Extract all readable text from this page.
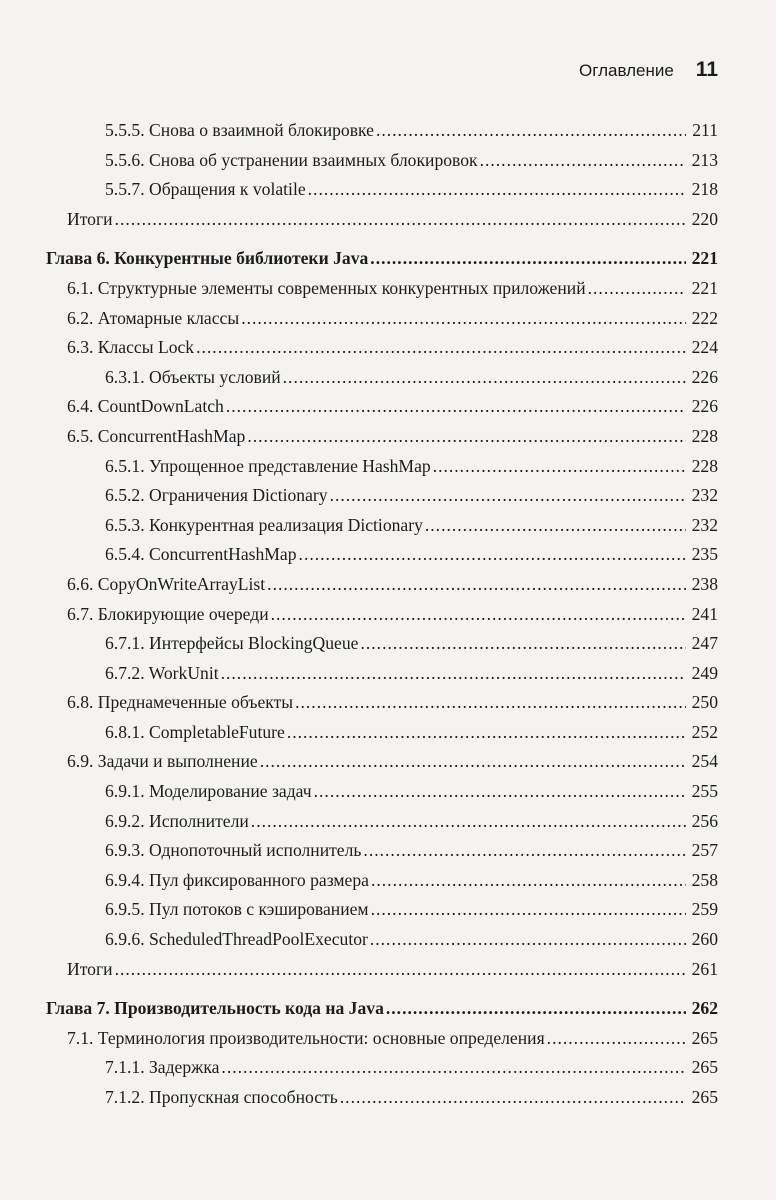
Оглавление 11
5.5.5. Снова о взаимной блокировке .....	211
5.5.6. Снова об устранении взаимных блокировок .....	213
5.5.7. Обращения к volatile .....	218
Итоги .....	220
Глава 6. Конкурентные библиотеки Java .....	221
6.1. Структурные элементы современных конкурентных приложений .....	221
6.2. Атомарные классы .....	222
6.3. Классы Lock .....	224
6.3.1. Объекты условий .....	226
6.4. CountDownLatch .....	226
6.5. ConcurrentHashMap .....	228
6.5.1. Упрощенное представление HashMap .....	228
6.5.2. Ограничения Dictionary .....	232
6.5.3. Конкурентная реализация Dictionary .....	232
6.5.4. ConcurrentHashMap .....	235
6.6. CopyOnWriteArrayList .....	238
6.7. Блокирующие очереди .....	241
6.7.1. Интерфейсы BlockingQueue .....	247
6.7.2. WorkUnit .....	249
6.8. Преднамеченные объекты .....	250
6.8.1. CompletableFuture .....	252
6.9. Задачи и выполнение .....	254
6.9.1. Моделирование задач .....	255
6.9.2. Исполнители .....	256
6.9.3. Однопоточный исполнитель .....	257
6.9.4. Пул фиксированного размера .....	258
6.9.5. Пул потоков с кэшированием .....	259
6.9.6. ScheduledThreadPoolExecutor .....	260
Итоги .....	261
Глава 7. Производительность кода на Java .....	262
7.1. Терминология производительности: основные определения .....	265
7.1.1. Задержка .....	265
7.1.2. Пропускная способность .....	265
